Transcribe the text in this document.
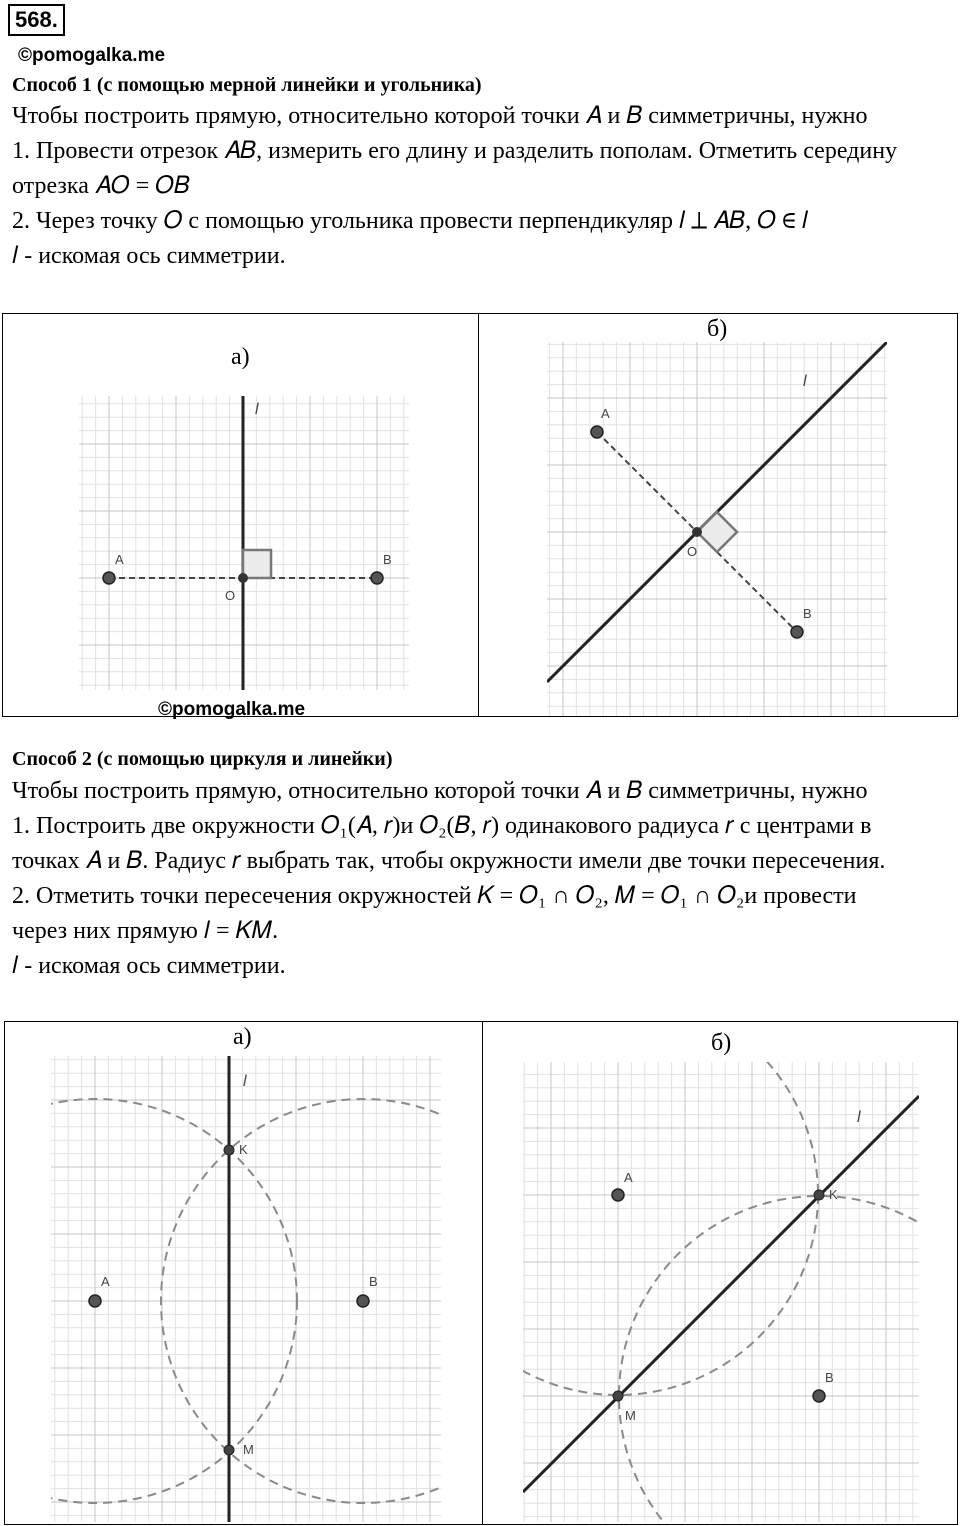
568.
©pomogalka.me
Способ 1 (с помощью мерной линейки и угольника)
Чтобы построить прямую, относительно которой точки 𝐴 и 𝐵 симметричны, нужно
1. Провести отрезок 𝐴𝐵, измерить его длину и разделить пополам. Отметить середину
отрезка 𝐴𝑂 = 𝑂𝐵
2. Через точку 𝑂 с помощью угольника провести перпендикуляр 𝑙 ⊥ 𝐴𝐵, 𝑂 ∈ 𝑙
𝑙 - искомая ось симметрии.
а)
A	B
O
l
©pomogalka.me
б)
A
B
O
l
Способ 2 (с помощью циркуля и линейки)
Чтобы построить прямую, относительно которой точки 𝐴 и 𝐵 симметричны, нужно
1. Построить две окружности 𝑂₁(𝐴, 𝑟)и 𝑂₂(𝐵, 𝑟) одинакового радиуса 𝑟 с центрами в
точках 𝐴 и 𝐵. Радиус 𝑟 выбрать так, чтобы окружности имели две точки пересечения.
2. Отметить точки пересечения окружностей 𝐾 = 𝑂₁ ∩ 𝑂₂, 𝑀 = 𝑂₁ ∩ 𝑂₂и провести
через них прямую 𝑙 = 𝐾𝑀.
𝑙 - искомая ось симметрии.
а)
A	B
K
M
l
б)
A
B
K
M
l
